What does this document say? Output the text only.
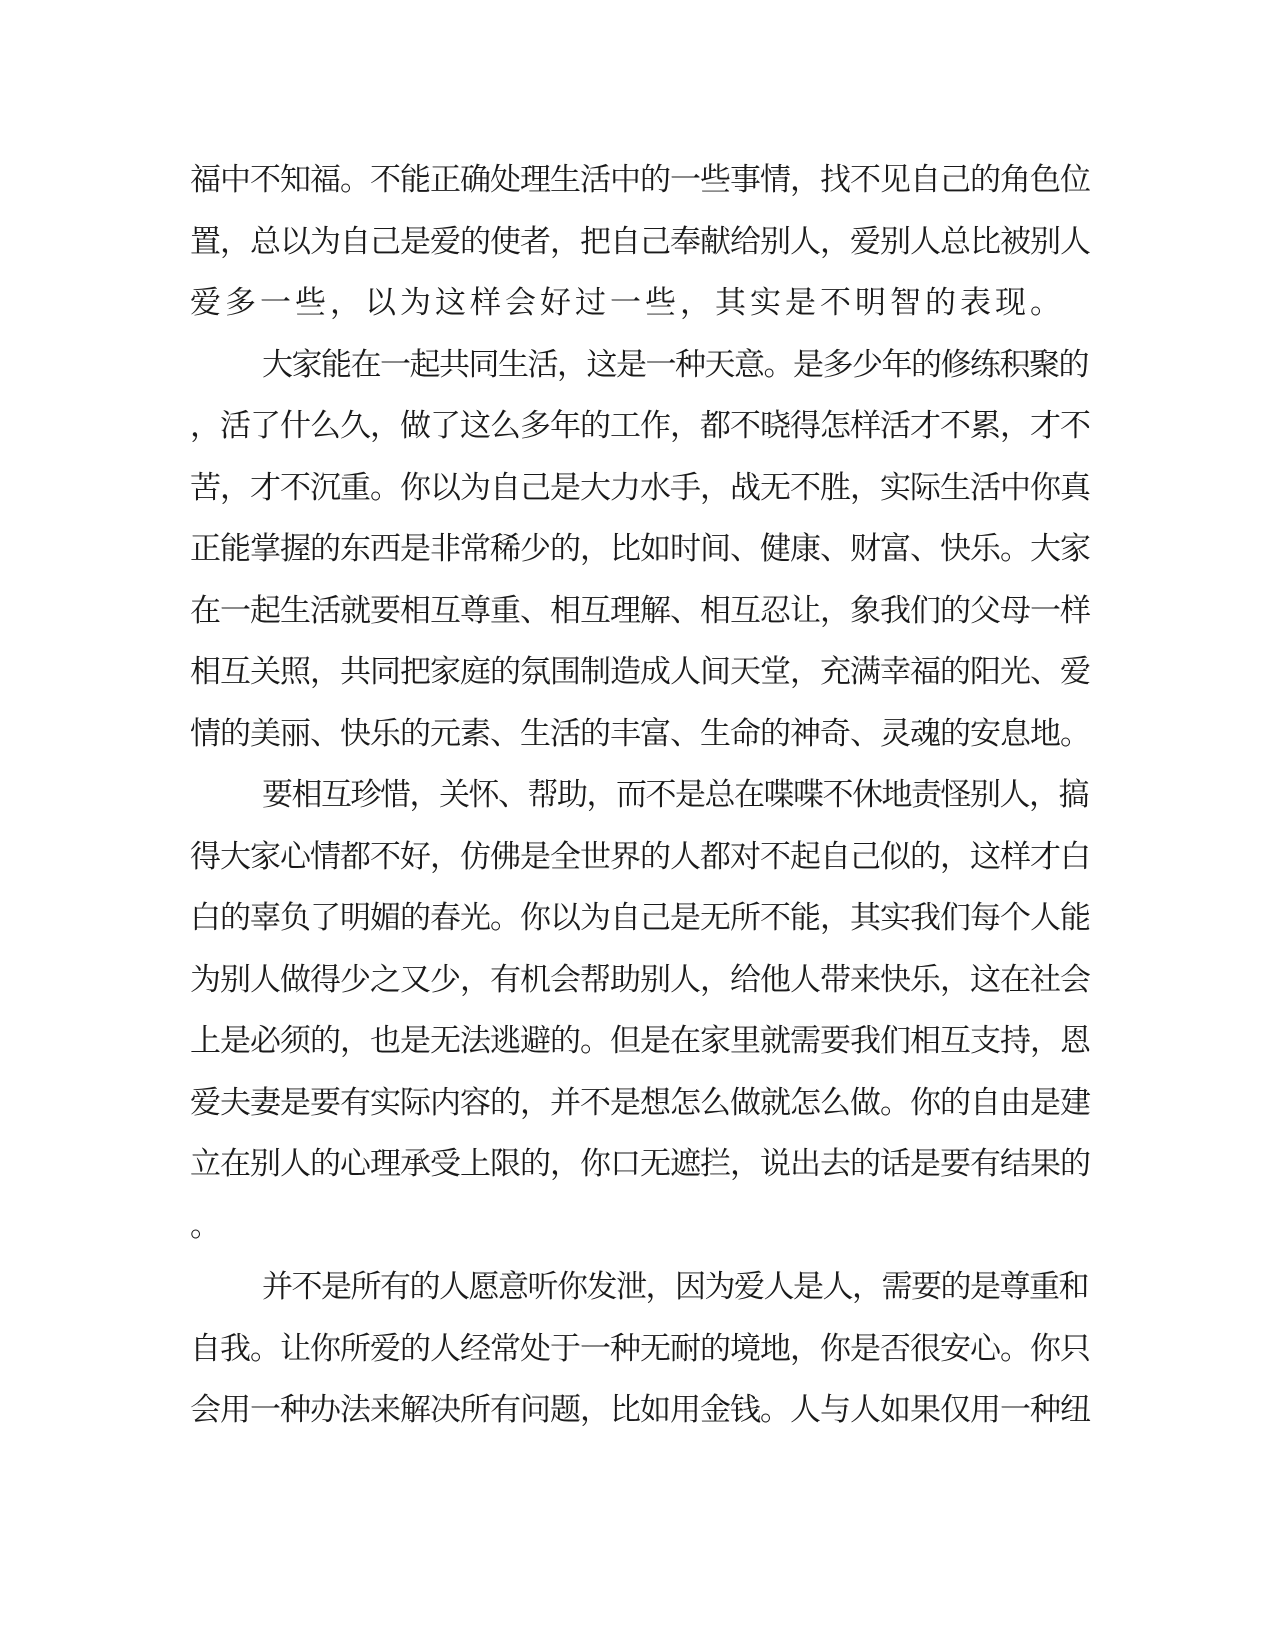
福中不知福。不能正确处理生活中的一些事情，找不见自己的角色位
置，总以为自己是爱的使者，把自己奉献给别人，爱别人总比被别人
爱多一些，以为这样会好过一些，其实是不明智的表现。
大家能在一起共同生活，这是一种天意。是多少年的修练积聚的
，活了什么久，做了这么多年的工作，都不晓得怎样活才不累，才不
苦，才不沉重。你以为自己是大力水手，战无不胜，实际生活中你真
正能掌握的东西是非常稀少的，比如时间、健康、财富、快乐。大家
在一起生活就要相互尊重、相互理解、相互忍让，象我们的父母一样
相互关照，共同把家庭的氛围制造成人间天堂，充满幸福的阳光、爱
情的美丽、快乐的元素、生活的丰富、生命的神奇、灵魂的安息地。
要相互珍惜，关怀、帮助，而不是总在喋喋不休地责怪别人，搞
得大家心情都不好，仿佛是全世界的人都对不起自己似的，这样才白
白的辜负了明媚的春光。你以为自己是无所不能，其实我们每个人能
为别人做得少之又少，有机会帮助别人，给他人带来快乐，这在社会
上是必须的，也是无法逃避的。但是在家里就需要我们相互支持，恩
爱夫妻是要有实际内容的，并不是想怎么做就怎么做。你的自由是建
立在别人的心理承受上限的，你口无遮拦，说出去的话是要有结果的
。
并不是所有的人愿意听你发泄，因为爱人是人，需要的是尊重和
自我。让你所爱的人经常处于一种无耐的境地，你是否很安心。你只
会用一种办法来解决所有问题，比如用金钱。人与人如果仅用一种纽
